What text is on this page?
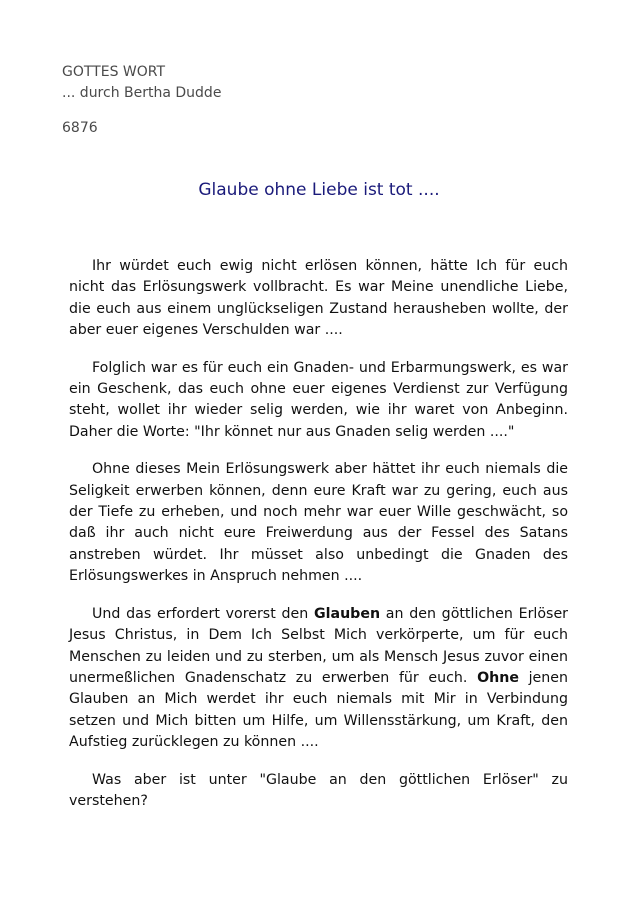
GOTTES WORT
... durch Bertha Dudde
6876
Glaube ohne Liebe ist tot ....

Ihr würdet euch ewig nicht erlösen können, hätte Ich für euch nicht das Erlösungswerk vollbracht. Es war Meine unendliche Liebe, die euch aus einem unglückseligen Zustand herausheben wollte, der aber euer eigenes Verschulden war ....

Folglich war es für euch ein Gnaden- und Erbarmungswerk, es war ein Geschenk, das euch ohne euer eigenes Verdienst zur Verfügung steht, wollet ihr wieder selig werden, wie ihr waret von Anbeginn. Daher die Worte: "Ihr könnet nur aus Gnaden selig werden ...."

Ohne dieses Mein Erlösungswerk aber hättet ihr euch niemals die Seligkeit erwerben können, denn eure Kraft war zu gering, euch aus der Tiefe zu erheben, und noch mehr war euer Wille geschwächt, so daß ihr auch nicht eure Freiwerdung aus der Fessel des Satans anstreben würdet. Ihr müsset also unbedingt die Gnaden des Erlösungswerkes in Anspruch nehmen ....

Und das erfordert vorerst den Glauben an den göttlichen Erlöser Jesus Christus, in Dem Ich Selbst Mich verkörperte, um für euch Menschen zu leiden und zu sterben, um als Mensch Jesus zuvor einen unermeßlichen Gnadenschatz zu erwerben für euch. Ohne jenen Glauben an Mich werdet ihr euch niemals mit Mir in Verbindung setzen und Mich bitten um Hilfe, um Willensstärkung, um Kraft, den Aufstieg zurücklegen zu können ....

Was aber ist unter "Glaube an den göttlichen Erlöser" zu verstehen?
